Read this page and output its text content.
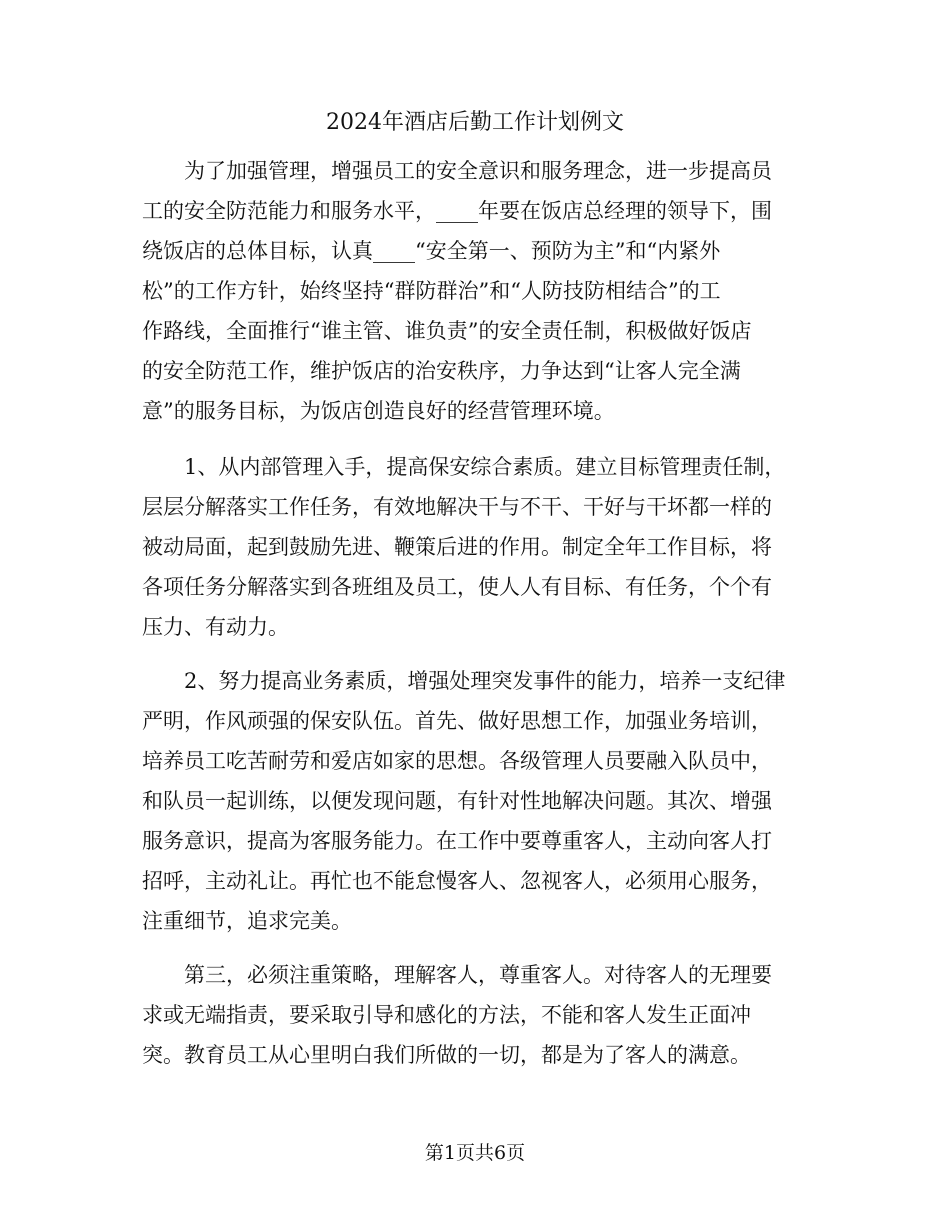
2024年酒店后勤工作计划例文
　　为了加强管理，增强员工的安全意识和服务理念，进一步提高员
工的安全防范能力和服务水平，____年要在饭店总经理的领导下，围
绕饭店的总体目标，认真____“安全第一、预防为主”和“内紧外
松”的工作方针，始终坚持“群防群治”和“人防技防相结合”的工
作路线，全面推行“谁主管、谁负责”的安全责任制，积极做好饭店
的安全防范工作，维护饭店的治安秩序，力争达到“让客人完全满
意”的服务目标，为饭店创造良好的经营管理环境。
　　1、从内部管理入手，提高保安综合素质。建立目标管理责任制，
层层分解落实工作任务，有效地解决干与不干、干好与干坏都一样的
被动局面，起到鼓励先进、鞭策后进的作用。制定全年工作目标，将
各项任务分解落实到各班组及员工，使人人有目标、有任务，个个有
压力、有动力。
　　2、努力提高业务素质，增强处理突发事件的能力，培养一支纪律
严明，作风顽强的保安队伍。首先、做好思想工作，加强业务培训，
培养员工吃苦耐劳和爱店如家的思想。各级管理人员要融入队员中，
和队员一起训练，以便发现问题，有针对性地解决问题。其次、增强
服务意识，提高为客服务能力。在工作中要尊重客人，主动向客人打
招呼，主动礼让。再忙也不能怠慢客人、忽视客人，必须用心服务，
注重细节，追求完美。
　　第三，必须注重策略，理解客人，尊重客人。对待客人的无理要
求或无端指责，要采取引导和感化的方法，不能和客人发生正面冲
突。教育员工从心里明白我们所做的一切，都是为了客人的满意。
第1页共6页
